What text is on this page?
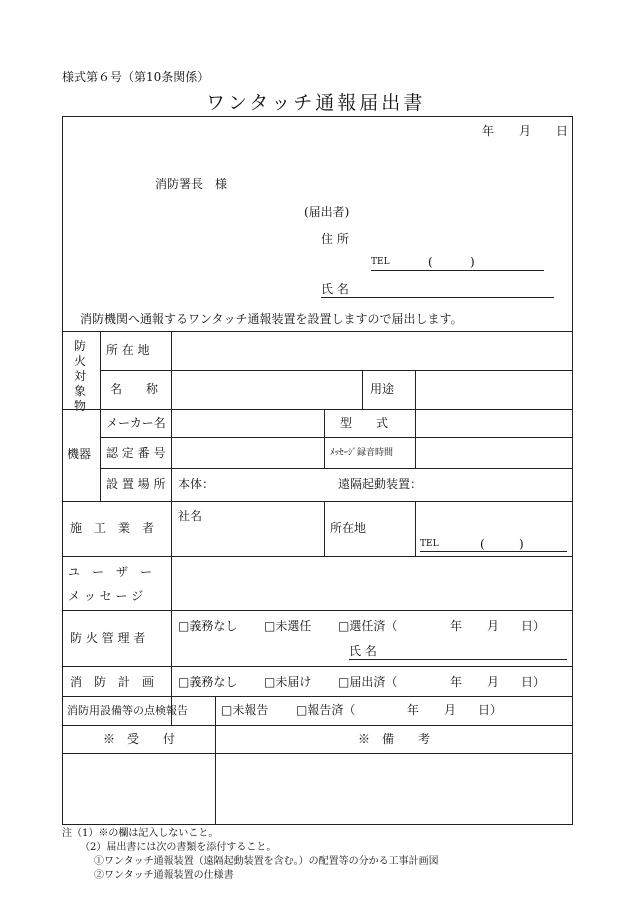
様式第６号（第10条関係）
ワンタッチ通報届出書
年 月 日
消防署長　様
(届出者)
住 所
TEL	(	)
氏 名
消防機関へ通報するワンタッチ通報装置を設置しますので届出します。
防火対象物
所 在 地
名　　称	用途
機器
メーカー名	型　　式
認 定 番 号	ﾒｯｾｰｼﾞ録音時間
設 置 場 所 本体：	遠隔起動装置：
施　工　業　者
社名
所在地
TEL	(	)
ユ　ー　ザ　ー
メ ッ セ ー ジ
防 火 管 理 者
□義務なし □未選任 □選任済（	年 月 日）
氏 名
消　防　計　画 □義務なし □未届け □届出済（	年 月 日）
消防用設備等の点検報告	□未報告 □報告済（	年 月 日）
※　受　　付	※　備　　考
注（1）※の欄は記入しないこと。
（2）届出書には次の書類を添付すること。
①ワンタッチ通報装置（遠隔起動装置を含む。）の配置等の分かる工事計画図
②ワンタッチ通報装置の仕様書
